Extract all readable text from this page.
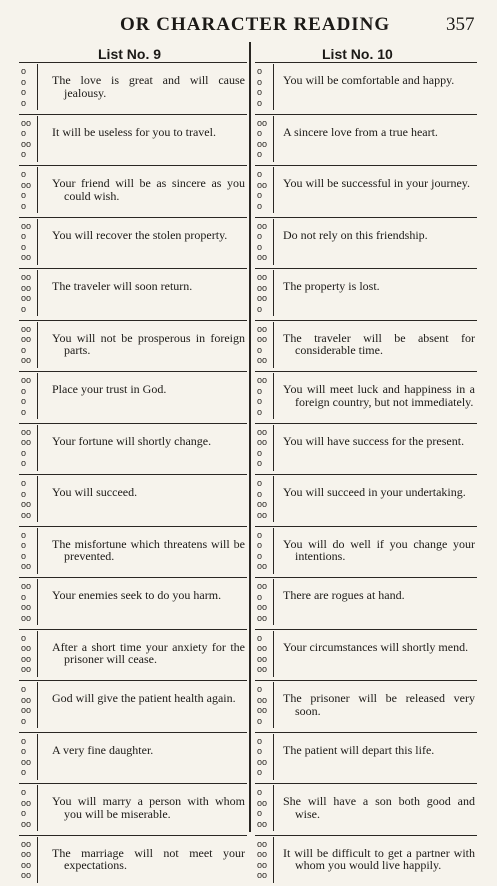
OR CHARACTER READING	357
List No. 9	List No. 10
o
o
o
o
The love is great and will cause jealousy.
o
o
o
o
You will be comfortable and happy.
oo
o
oo
o
It will be useless for you to travel.
oo
o
oo
o
A sincere love from a true heart.
o
oo
o
o
Your friend will be as sincere as you could wish.
o
oo
o
o
You will be successful in your journey.
oo
o
o
oo
You will recover the stolen property.
oo
o
o
oo
Do not rely on this friendship.
oo
oo
oo
o
The traveler will soon return.
oo
oo
oo
o
The property is lost.
oo
oo
o
oo
You will not be prosperous in foreign parts.
oo
oo
o
oo
The traveler will be absent for considerable time.
oo
o
o
o
Place your trust in God.
oo
o
o
o
You will meet luck and happiness in a foreign country, but not immediately.
oo
oo
o
o
Your fortune will shortly change.
oo
oo
o
o
You will have success for the present.
o
o
oo
oo
You will succeed.
o
o
oo
oo
You will succeed in your undertaking.
o
o
o
oo
The misfortune which threatens will be prevented.
o
o
o
oo
You will do well if you change your intentions.
oo
o
oo
oo
Your enemies seek to do you harm.
oo
o
oo
oo
There are rogues at hand.
o
oo
oo
oo
After a short time your anxiety for the prisoner will cease.
o
oo
oo
oo
Your circumstances will shortly mend.
o
oo
oo
o
God will give the patient health again.
o
oo
oo
o
The prisoner will be released very soon.
o
o
oo
o
A very fine daughter.
o
o
oo
o
The patient will depart this life.
o
oo
o
oo
You will marry a person with whom you will be miserable.
o
oo
o
oo
She will have a son both good and wise.
oo
oo
oo
oo
The marriage will not meet your expectations.
oo
oo
oo
oo
It will be difficult to get a partner with whom you would live happily.
